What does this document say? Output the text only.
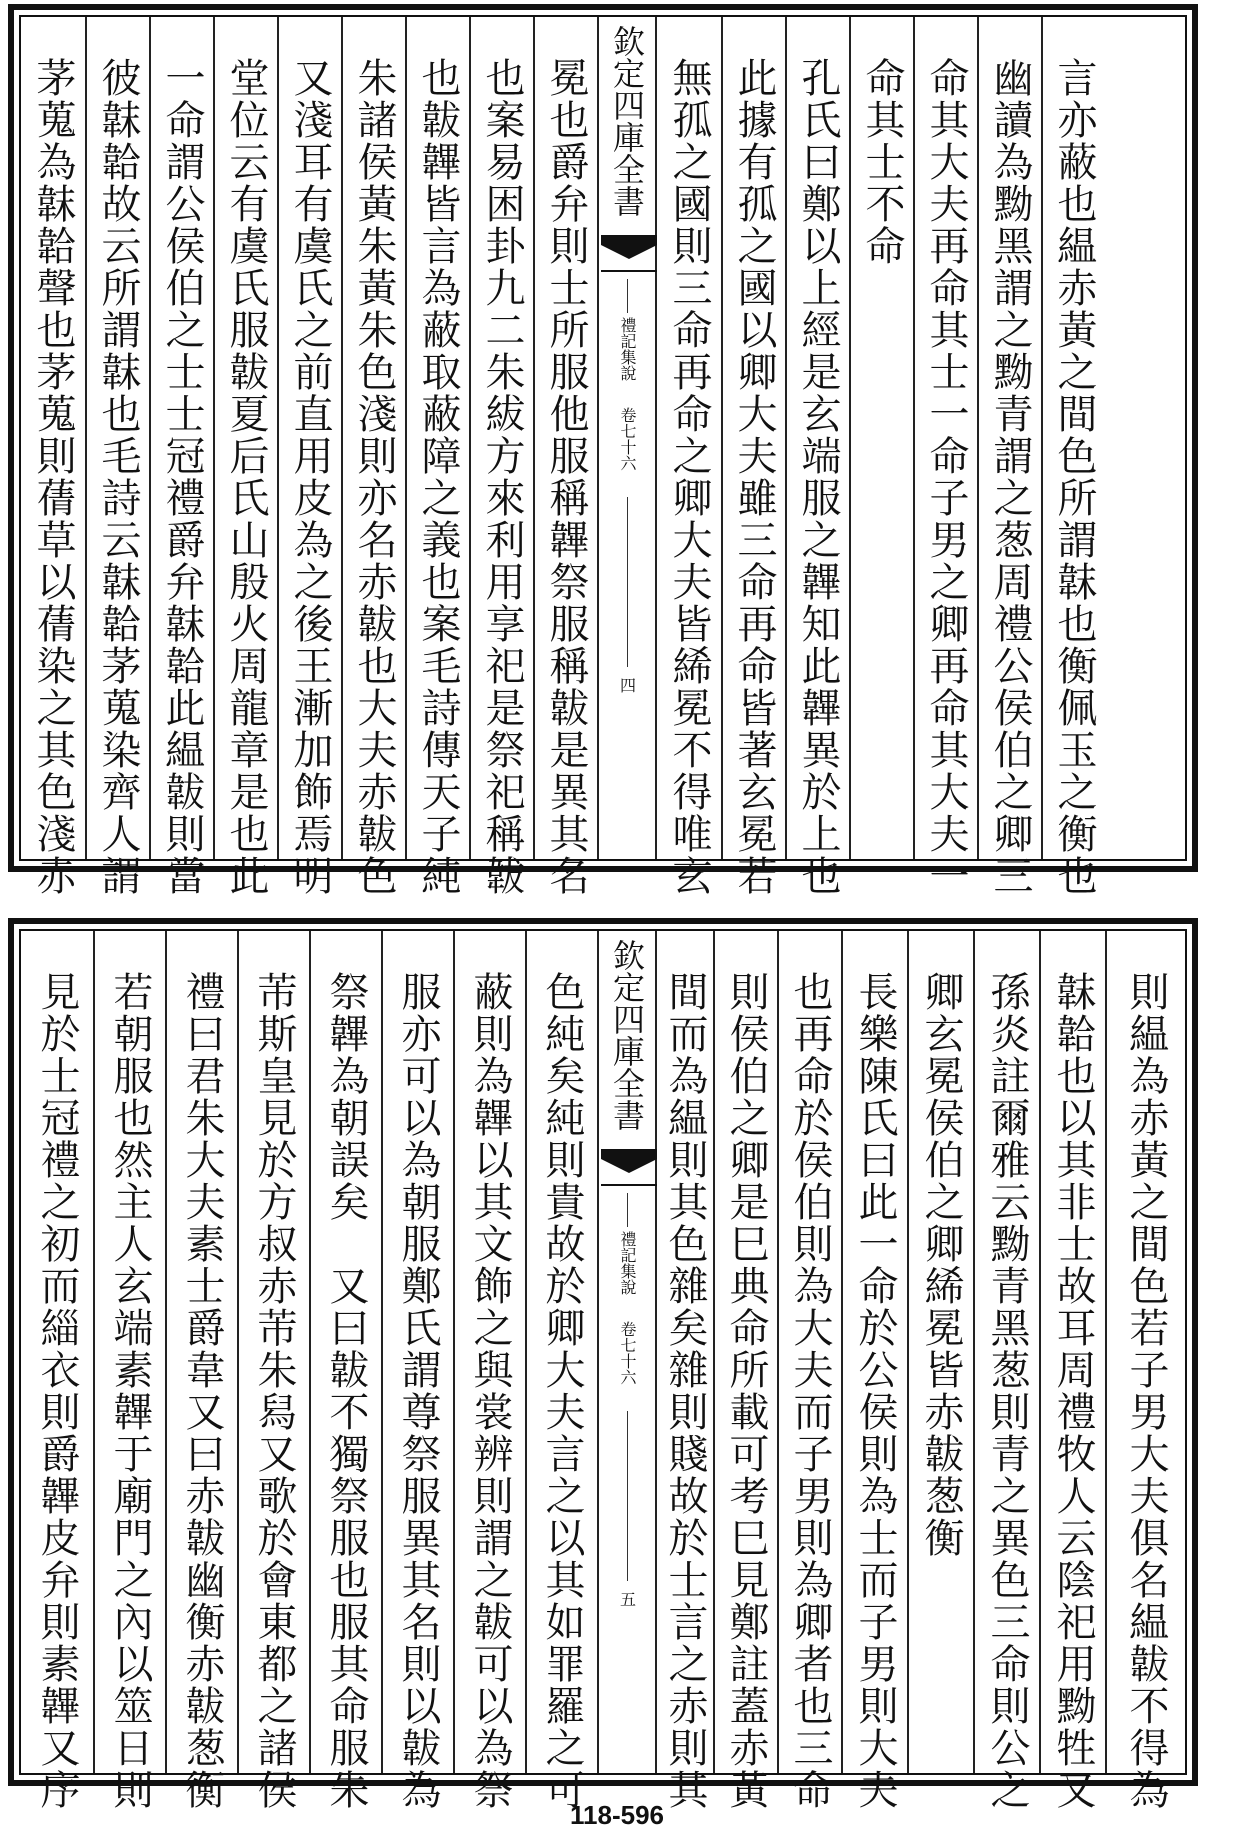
茅蒐為韎韐聲也茅蒐則蒨草以蒨染之其色淺赤 彼韎韐故云所謂韎也毛詩云韎韐茅蒐染齊人謂 一命謂公侯伯之士士冠禮爵弁韎韐此緼韍則當 堂位云有虞氏服韍夏后氏山殷火周龍章是也此 又淺耳有虞氏之前直用皮為之後王漸加飾焉明 朱諸侯黃朱黃朱色淺則亦名赤韍也大夫赤韍色 也韍韠皆言為蔽取蔽障之義也案毛詩傳天子純 也案易困卦九二朱紱方來利用享祀是祭祀稱韍 冕也爵弁則士所服他服稱韠祭服稱韍是異其名 欽定四庫全書
禮記集說
卷七十六
四 無孤之國則三命再命之卿大夫皆絺冕不得唯玄 此據有孤之國以卿大夫雖三命再命皆著玄冕若 孔氏曰鄭以上經是玄端服之韠知此韠異於上也 命其士不命 命其大夫再命其士一命子男之卿再命其大夫一 幽讀為黝黑謂之黝青謂之葱周禮公侯伯之卿三 言亦蔽也緼赤黃之間色所謂韎也衡佩玉之衡也
見於士冠禮之初而緇衣則爵韠皮弁則素韠又序 若朝服也然主人玄端素韠于廟門之內以筮日則 禮曰君朱大夫素士爵韋又曰赤韍幽衡赤韍葱衡 芾斯皇見於方叔赤芾朱舄又歌於會東都之諸侯 祭韠為朝誤矣　又曰韍不獨祭服也服其命服朱 服亦可以為朝服鄭氏謂尊祭服異其名則以韍為 蔽則為韠以其文飾之與裳辨則謂之韍可以為祭 色純矣純則貴故於卿大夫言之以其如罪羅之可 欽定四庫全書
禮記集說
卷七十六
五 間而為緼則其色雜矣雜則賤故於士言之赤則其 則侯伯之卿是巳典命所載可考巳見鄭註蓋赤黃 也再命於侯伯則為大夫而子男則為卿者也三命 長樂陳氏曰此一命於公侯則為士而子男則大夫 卿玄冕侯伯之卿絺冕皆赤韍葱衡 孫炎註爾雅云黝青黑葱則青之異色三命則公之 韎韐也以其非士故耳周禮牧人云陰祀用黝牲又 則緼為赤黃之間色若子男大夫俱名緼韍不得為
118-596
